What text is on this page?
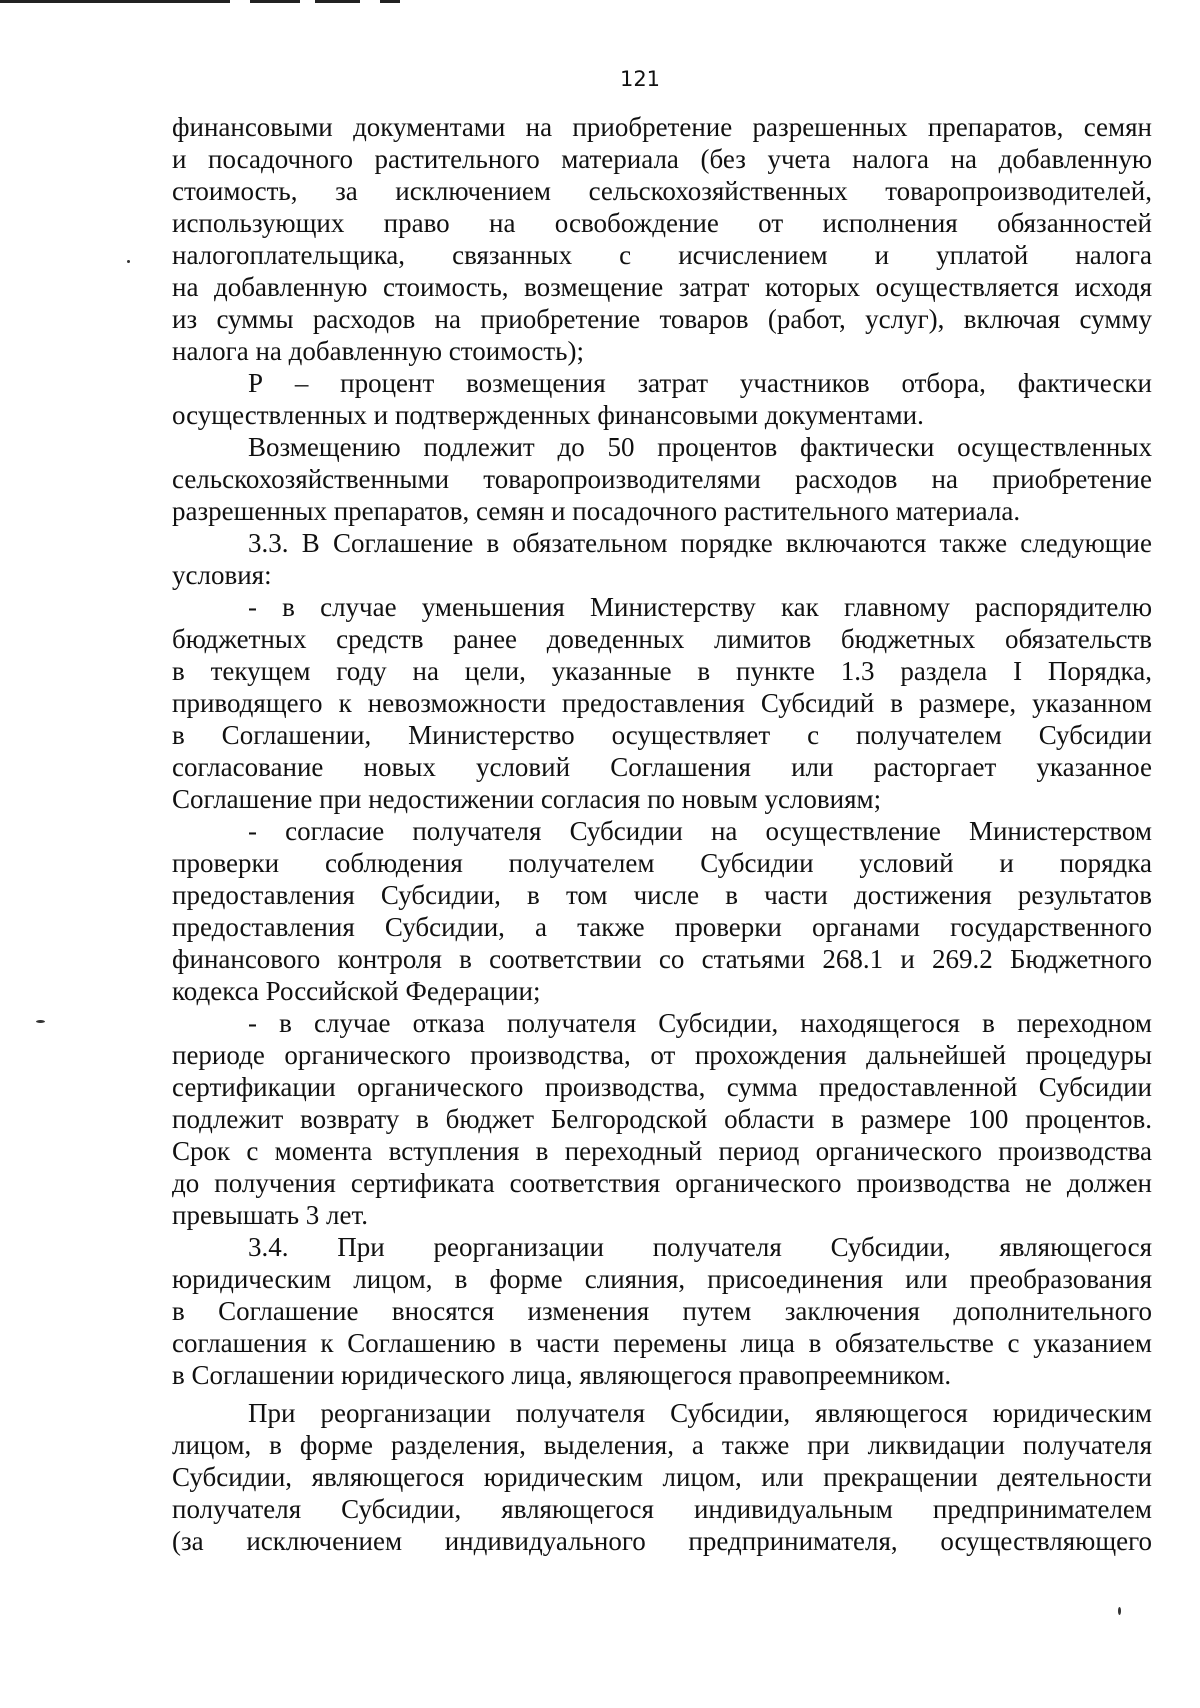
121

финансовыми документами на приобретение разрешенных препаратов, семян
и посадочного растительного материала (без учета налога на добавленную
стоимость, за исключением сельскохозяйственных товаропроизводителей,
использующих право на освобождение от исполнения обязанностей
налогоплательщика, связанных с исчислением и уплатой налога
на добавленную стоимость, возмещение затрат которых осуществляется исходя
из суммы расходов на приобретение товаров (работ, услуг), включая сумму
налога на добавленную стоимость);

Р – процент возмещения затрат участников отбора, фактически
осуществленных и подтвержденных финансовыми документами.

Возмещению подлежит до 50 процентов фактически осуществленных
сельскохозяйственными товаропроизводителями расходов на приобретение
разрешенных препаратов, семян и посадочного растительного материала.

3.3. В Соглашение в обязательном порядке включаются также следующие
условия:

- в случае уменьшения Министерству как главному распорядителю
бюджетных средств ранее доведенных лимитов бюджетных обязательств
в текущем году на цели, указанные в пункте 1.3 раздела I Порядка,
приводящего к невозможности предоставления Субсидий в размере, указанном
в Соглашении, Министерство осуществляет с получателем Субсидии
согласование новых условий Соглашения или расторгает указанное
Соглашение при недостижении согласия по новым условиям;

- согласие получателя Субсидии на осуществление Министерством
проверки соблюдения получателем Субсидии условий и порядка
предоставления Субсидии, в том числе в части достижения результатов
предоставления Субсидии, а также проверки органами государственного
финансового контроля в соответствии со статьями 268.1 и 269.2 Бюджетного
кодекса Российской Федерации;

- в случае отказа получателя Субсидии, находящегося в переходном
периоде органического производства, от прохождения дальнейшей процедуры
сертификации органического производства, сумма предоставленной Субсидии
подлежит возврату в бюджет Белгородской области в размере 100 процентов.
Срок с момента вступления в переходный период органического производства
до получения сертификата соответствия органического производства не должен
превышать 3 лет.

3.4. При реорганизации получателя Субсидии, являющегося
юридическим лицом, в форме слияния, присоединения или преобразования
в Соглашение вносятся изменения путем заключения дополнительного
соглашения к Соглашению в части перемены лица в обязательстве с указанием
в Соглашении юридического лица, являющегося правопреемником.

При реорганизации получателя Субсидии, являющегося юридическим
лицом, в форме разделения, выделения, а также при ликвидации получателя
Субсидии, являющегося юридическим лицом, или прекращении деятельности
получателя Субсидии, являющегося индивидуальным предпринимателем
(за исключением индивидуального предпринимателя, осуществляющего
